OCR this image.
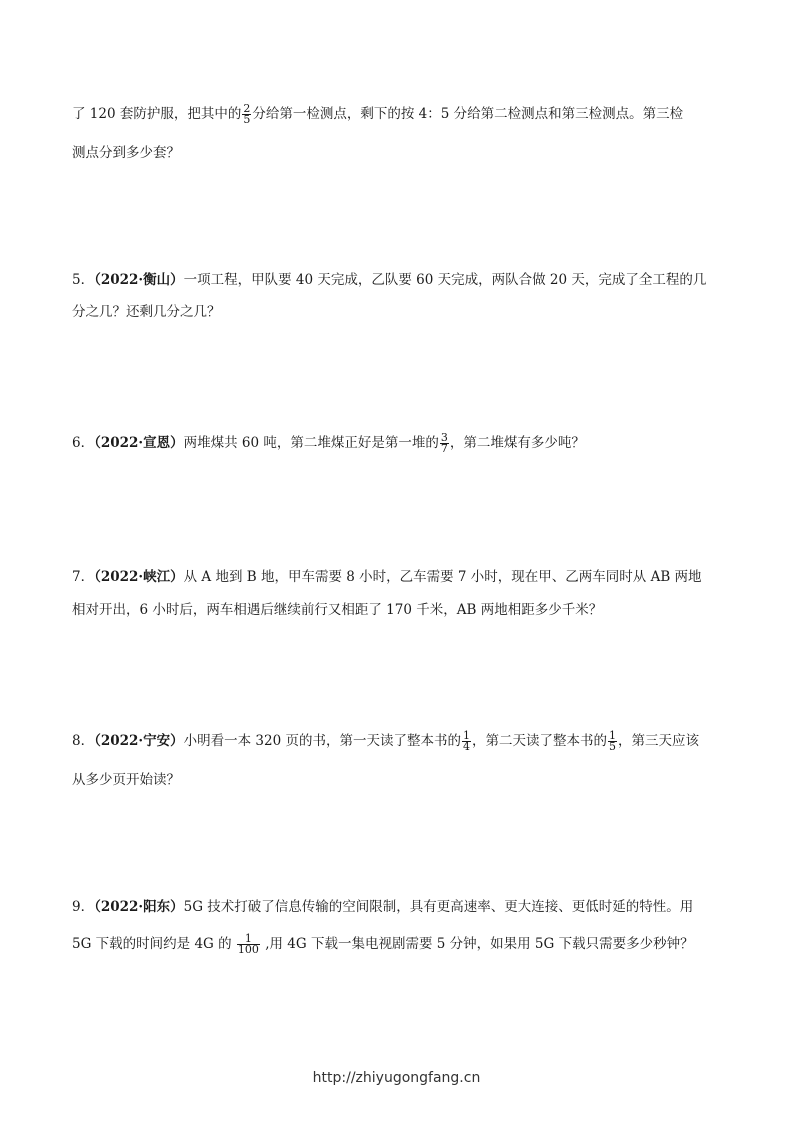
了 120 套防护服，把其中的 $\frac{2}{5}$ 分给第一检测点，剩下的按 4：5 分给第二检测点和第三检测点。第三检
测点分到多少套？
5．（2022·衡山）一项工程，甲队要 40 天完成，乙队要 60 天完成，两队合做 20 天，完成了全工程的几
分之几？还剩几分之几？
6．（2022·宣恩）两堆煤共 60 吨，第二堆煤正好是第一堆的 $\frac{3}{7}$ ，第二堆煤有多少吨？
7．（2022·峡江）从 A 地到 B 地，甲车需要 8 小时，乙车需要 7 小时，现在甲、乙两车同时从 AB 两地
相对开出，6 小时后，两车相遇后继续前行又相距了 170 千米，AB 两地相距多少千米？
8．（2022·宁安）小明看一本 320 页的书，第一天读了整本书的 $\frac{1}{4}$ ，第二天读了整本书的 $\frac{1}{5}$ ，第三天应该
从多少页开始读？
9．（2022·阳东）5G 技术打破了信息传输的空间限制，具有更高速率、更大连接、更低时延的特性。用
5G 下载的时间约是 4G 的 $\frac{1}{100}$ ,用 4G 下载一集电视剧需要 5 分钟，如果用 5G 下载只需要多少秒钟？
http://zhiyugongfang.cn
